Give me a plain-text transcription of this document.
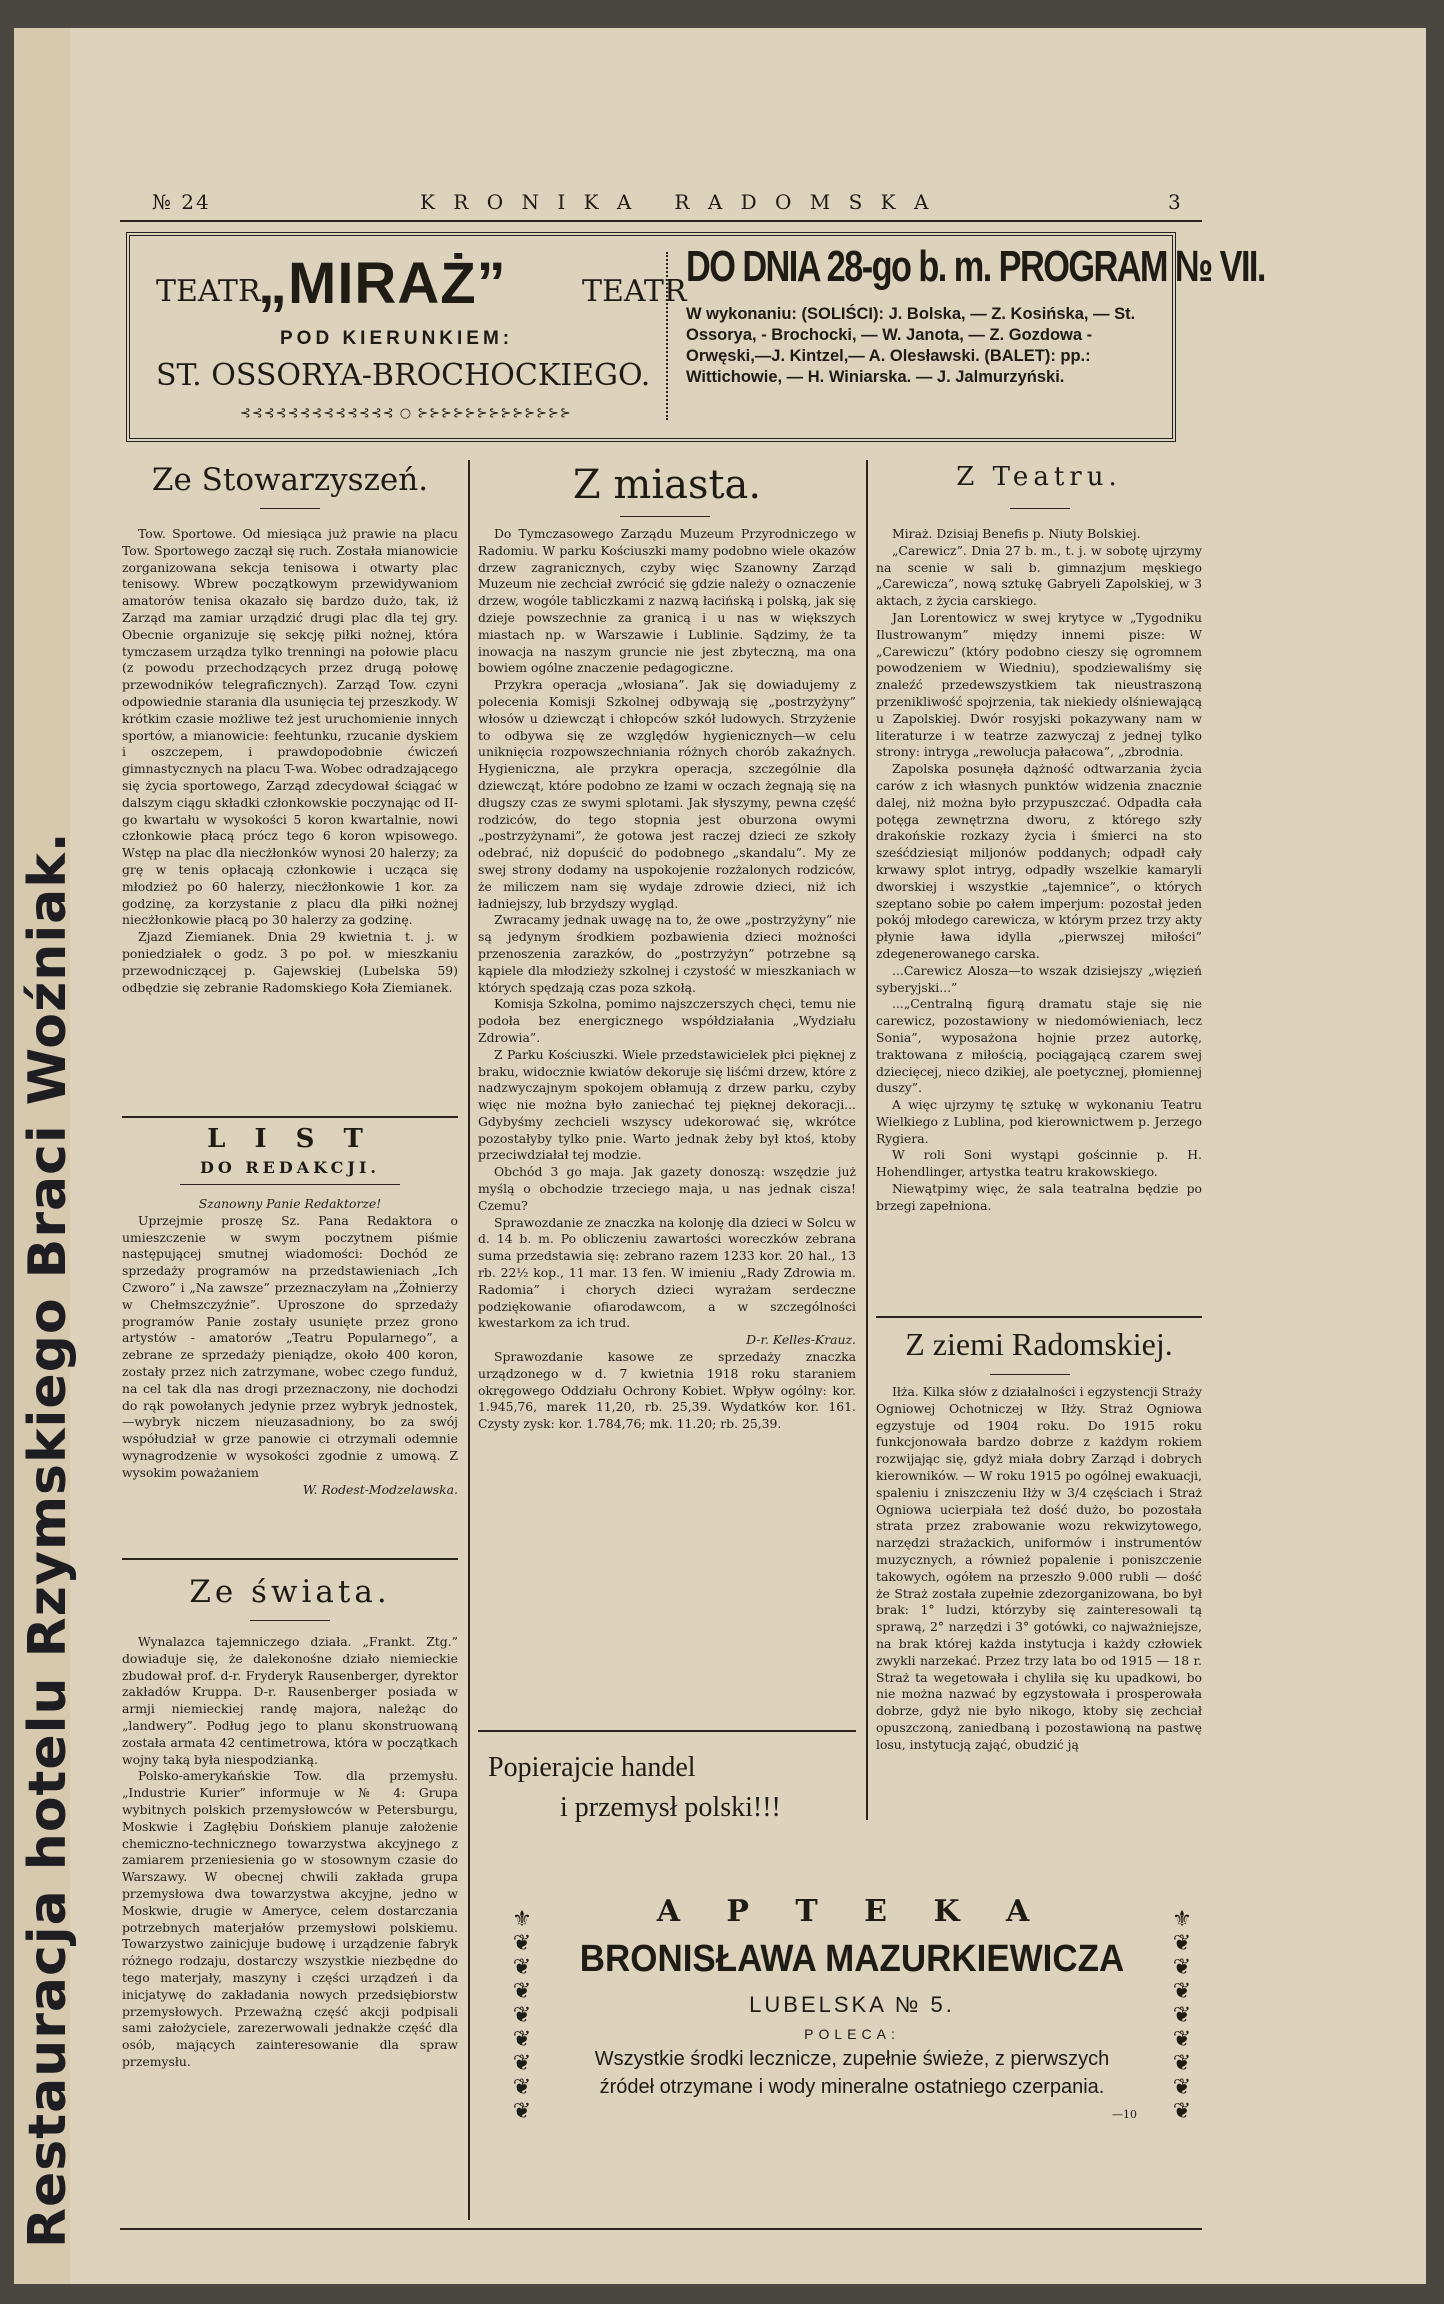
Restauracja hotelu Rzymskiego Braci Woźniak.
№ 24	K R O N I K A   R A D O M S K A	3
TEATR
„MIRAŻ”	TEATR
POD KIERUNKIEM:
ST. OSSORYA-BROCHOCKIEGO.
⊰⊰⊰⊰⊰⊰⊰⊰⊰⊰⊰⊰⊰ ○ ⊱⊱⊱⊱⊱⊱⊱⊱⊱⊱⊱⊱⊱
DO DNIA 28-go b. m. PROGRAM № VII.
W wykonaniu: (SOLIŚCI): J. Bolska, — Z. Kosińska, — St. Ossorya, - Brochocki, — W. Janota, — Z. Gozdowa - Orwęski,—J. Kintzel,— A. Olesławski. (BALET): pp.: Wittichowie, — H. Winiarska. — J. Jalmurzyński.
Ze Stowarzyszeń.

Tow. Sportowe. Od miesiąca już prawie na placu Tow. Sportowego zaczął się ruch. Została mianowicie zorganizowana sekcja tenisowa i otwarty plac tenisowy. Wbrew początkowym przewidywaniom amatorów tenisa okazało się bardzo dużo, tak, iż Zarząd ma zamiar urządzić drugi plac dla tej gry. Obecnie organizuje się sekcję piłki nożnej, która tymczasem urządza tylko trenningi na połowie placu (z powodu przechodzących przez drugą połowę przewodników telegraficznych). Zarząd Tow. czyni odpowiednie starania dla usunięcia tej przeszkody. W krótkim czasie możliwe też jest uruchomienie innych sportów, a mianowicie: feehtunku, rzucanie dyskiem i oszczepem, i prawdopodobnie ćwiczeń gimnastycznych na placu T-wa. Wobec odradzającego się życia sportowego, Zarząd zdecydował ściągać w dalszym ciągu składki członkowskie poczynając od II-go kwartału w wysokości 5 koron kwartalnie, nowi członkowie płacą prócz tego 6 koron wpisowego. Wstęp na plac dla niecżłonków wynosi 20 halerzy; za grę w tenis opłacają członkowie i ucząca się młodzież po 60 halerzy, niecżłonkowie 1 kor. za godzinę, za korzystanie z placu dla piłki nożnej niecżłonkowie płacą po 30 halerzy za godzinę.

Zjazd Ziemianek. Dnia 29 kwietnia t. j. w poniedziałek o godz. 3 po poł. w mieszkaniu przewodniczącej p. Gajewskiej (Lubelska 59) odbędzie się zebranie Radomskiego Koła Ziemianek.

L I S T
DO REDAKCJI.

Szanowny Panie Redaktorze!

Uprzejmie proszę Sz. Pana Redaktora o umieszczenie w swym poczytnem piśmie następującej smutnej wiadomości: Dochód ze sprzedaży programów na przedstawieniach „Ich Czworo” i „Na zawsze” przeznaczyłam na „Żołnierzy w Chełmszczyźnie”. Uproszone do sprzedaży programów Panie zostały usunięte przez grono artystów - amatorów „Teatru Popularnego”, a zebrane ze sprzedaży pieniądze, około 400 koron, zostały przez nich zatrzymane, wobec czego funduż, na cel tak dla nas drogi przeznaczony, nie dochodzi do rąk powołanych jedynie przez wybryk jednostek,—wybryk niczem nieuzasadniony, bo za swój współudział w grze panowie ci otrzymali odemnie wynagrodzenie w wysokości zgodnie z umową. Z wysokim poważaniem

W. Rodest-Modzelawska.

Ze świata.

Wynalazca tajemniczego działa. „Frankt. Ztg.” dowiaduje się, że dalekonośne działo niemieckie zbudował prof. d-r. Fryderyk Rausenberger, dyrektor zakładów Kruppa. D-r. Rausenberger posiada w armji niemieckiej randę majora, należąc do „landwery”. Podług jego to planu skonstruowaną została armata 42 centimetrowa, która w początkach wojny taką była niespodzianką.

Polsko-amerykańskie Tow. dla przemysłu. „Industrie Kurier” informuje w № 4: Grupa wybitnych polskich przemysłowców w Petersburgu, Moskwie i Zagłębiu Dońskiem planuje założenie chemiczno-technicznego towarzystwa akcyjnego z zamiarem przeniesienia go w stosownym czasie do Warszawy. W obecnej chwili zakłada grupa przemysłowa dwa towarzystwa akcyjne, jedno w Moskwie, drugie w Ameryce, celem dostarczania potrzebnych materjałów przemysłowi polskiemu. Towarzystwo zainicjuje budowę i urządzenie fabryk różnego rodzaju, dostarczy wszystkie niezbędne do tego materjały, maszyny i części urządzeń i da inicjatywę do zakładania nowych przedsiębiorstw przemysłowych. Przeważną część akcji podpisali sami założyciele, zarezerwowali jednakże część dla osób, mających zainteresowanie dla spraw przemysłu.

Z miasta.

Do Tymczasowego Zarządu Muzeum Przyrodniczego w Radomiu. W parku Kościuszki mamy podobno wiele okazów drzew zagranicznych, czyby więc Szanowny Zarząd Muzeum nie zechciał zwrócić się gdzie należy o oznaczenie drzew, wogóle tabliczkami z nazwą łacińską i polską, jak się dzieje powszechnie za granicą i u nas w większych miastach np. w Warszawie i Lublinie. Sądzimy, że ta inowacja na naszym gruncie nie jest zbyteczną, ma ona bowiem ogólne znaczenie pedagogiczne.

Przykra operacja „włosiana”. Jak się dowiadujemy z polecenia Komisji Szkolnej odbywają się „postrzyżyny” włosów u dziewcząt i chłopców szkół ludowych. Strzyżenie to odbywa się ze względów hygienicznych—w celu uniknięcia rozpowszechniania różnych chorób zakaźnych. Hygieniczna, ale przykra operacja, szczególnie dla dziewcząt, które podobno ze łzami w oczach żegnają się na długszy czas ze swymi splotami. Jak słyszymy, pewna część rodziców, do tego stopnia jest oburzona owymi „postrzyżynami”, że gotowa jest raczej dzieci ze szkoły odebrać, niż dopuścić do podobnego „skandalu”. My ze swej strony dodamy na uspokojenie rozżalonych rodziców, że miliczem nam się wydaje zdrowie dzieci, niż ich ładniejszy, lub brzydszy wygląd.

Zwracamy jednak uwagę na to, że owe „postrzyżyny” nie są jedynym środkiem pozbawienia dzieci możności przenoszenia zarazków, do „postrzyżyn” potrzebne są kąpiele dla młodzieży szkolnej i czystość w mieszkaniach w których spędzają czas poza szkołą.

Komisja Szkolna, pomimo najszczerszych chęci, temu nie podoła bez energicznego współdziałania „Wydziału Zdrowia”.

Z Parku Kościuszki. Wiele przedstawicielek płci pięknej z braku, widocznie kwiatów dekoruje się liśćmi drzew, które z nadzwyczajnym spokojem obłamują z drzew parku, czyby więc nie można było zaniechać tej pięknej dekoracji... Gdybyśmy zechcieli wszyscy udekorować się, wkrótce pozostałyby tylko pnie. Warto jednak żeby był ktoś, ktoby przeciwdziałał tej modzie.

Obchód 3 go maja. Jak gazety donoszą: wszędzie już myślą o obchodzie trzeciego maja, u nas jednak cisza! Czemu?

Sprawozdanie ze znaczka na kolonję dla dzieci w Solcu w d. 14 b. m. Po obliczeniu zawartości woreczków zebrana suma przedstawia się: zebrano razem 1233 kor. 20 hal., 13 rb. 22½ kop., 11 mar. 13 fen. W imieniu „Rady Zdrowia m. Radomia” i chorych dzieci wyrażam serdeczne podziękowanie ofiarodawcom, a w szczególności kwestarkom za ich trud.

D-r. Kelles-Krauz.

Sprawozdanie kasowe ze sprzedaży znaczka urządzonego w d. 7 kwietnia 1918 roku staraniem okręgowego Oddziału Ochrony Kobiet. Wpływ ogólny: kor. 1.945,76, marek 11,20, rb. 25,39. Wydatków kor. 161. Czysty zysk: kor. 1.784,76; mk. 11.20; rb. 25,39.

Popierajcie handel
i przemysł polski!!!
Z Teatru.

Miraż. Dzisiaj Benefis p. Niuty Bolskiej.

„Carewicz”. Dnia 27 b. m., t. j. w sobotę ujrzymy na scenie w sali b. gimnazjum męskiego „Carewicza”, nową sztukę Gabryeli Zapolskiej, w 3 aktach, z życia carskiego.

Jan Lorentowicz w swej krytyce w „Tygodniku Ilustrowanym” między innemi pisze: W „Carewiczu” (który podobno cieszy się ogromnem powodzeniem w Wiedniu), spodziewaliśmy się znaleźć przedewszystkiem tak nieustraszoną przenikliwość spojrzenia, tak niekiedy olśniewającą u Zapolskiej. Dwór rosyjski pokazywany nam w literaturze i w teatrze zazwyczaj z jednej tylko strony: intryga „rewolucja pałacowa”, „zbrodnia.

Zapolska posunęła dążność odtwarzania życia carów z ich własnych punktów widzenia znacznie dalej, niż można było przypuszczać. Odpadła cała potęga zewnętrzna dworu, z którego szły drakońskie rozkazy życia i śmierci na sto sześćdziesiąt miljonów poddanych; odpadł cały krwawy splot intryg, odpadły wszelkie kamaryli dworskiej i wszystkie „tajemnice”, o których szeptano sobie po całem imperjum: pozostał jeden pokój młodego carewicza, w którym przez trzy akty płynie ława idylla „pierwszej miłości” zdegenerowanego carska.

...Carewicz Alosza—to wszak dzisiejszy „więzień syberyjski...”

...„Centralną figurą dramatu staje się nie carewicz, pozostawiony w niedomówieniach, lecz Sonia”, wyposażona hojnie przez autorkę, traktowana z miłością, pociągającą czarem swej dziecięcej, nieco dzikiej, ale poetycznej, płomiennej duszy”.

A więc ujrzymy tę sztukę w wykonaniu Teatru Wielkiego z Lublina, pod kierownictwem p. Jerzego Rygiera.

W roli Soni wystąpi gościnnie p. H. Hohendlinger, artystka teatru krakowskiego.

Niewątpimy więc, że sala teatralna będzie po brzegi zapełniona.

Z ziemi Radomskiej.

Iłża. Kilka słów z działalności i egzystencji Straży Ogniowej Ochotniczej w Iłży. Straż Ogniowa egzystuje od 1904 roku. Do 1915 roku funkcjonowała bardzo dobrze z każdym rokiem rozwijając się, gdyż miała dobry Zarząd i dobrych kierowników. — W roku 1915 po ogólnej ewakuacji, spaleniu i zniszczeniu Iłży w 3/4 częściach i Straż Ogniowa ucierpiała też dość dużo, bo pozostała strata przez zrabowanie wozu rekwizytowego, narzędzi strażackich, uniformów i instrumentów muzycznych, a również popalenie i poniszczenie takowych, ogółem na przeszło 9.000 rubli — dość że Straż została zupełnie zdezorganizowana, bo był brak: 1° ludzi, którzyby się zainteresowali tą sprawą, 2° narzędzi i 3° gotówki, co najważniejsze, na brak której każda instytucja i każdy człowiek zwykli narzekać. Przez trzy lata bo od 1915 — 18 r. Straż ta wegetowała i chyliła się ku upadkowi, bo nie można nazwać by egzystowała i prosperowała dobrze, gdyż nie było nikogo, ktoby się zechciał opuszczoną, zaniedbaną i pozostawioną na pastwę losu, instytucją zająć, obudzić ją

⚜
❦
❦
❦
❦
❦
❦
❦
❦
⚜
❦
❦
❦
❦
❦
❦
❦
❦
A P T E K A
BRONISŁAWA MAZURKIEWICZA
LUBELSKA № 5.
POLECA:
Wszystkie środki lecznicze, zupełnie świeże, z pierwszych
źródeł otrzymane i wody mineralne ostatniego czerpania.
—10
